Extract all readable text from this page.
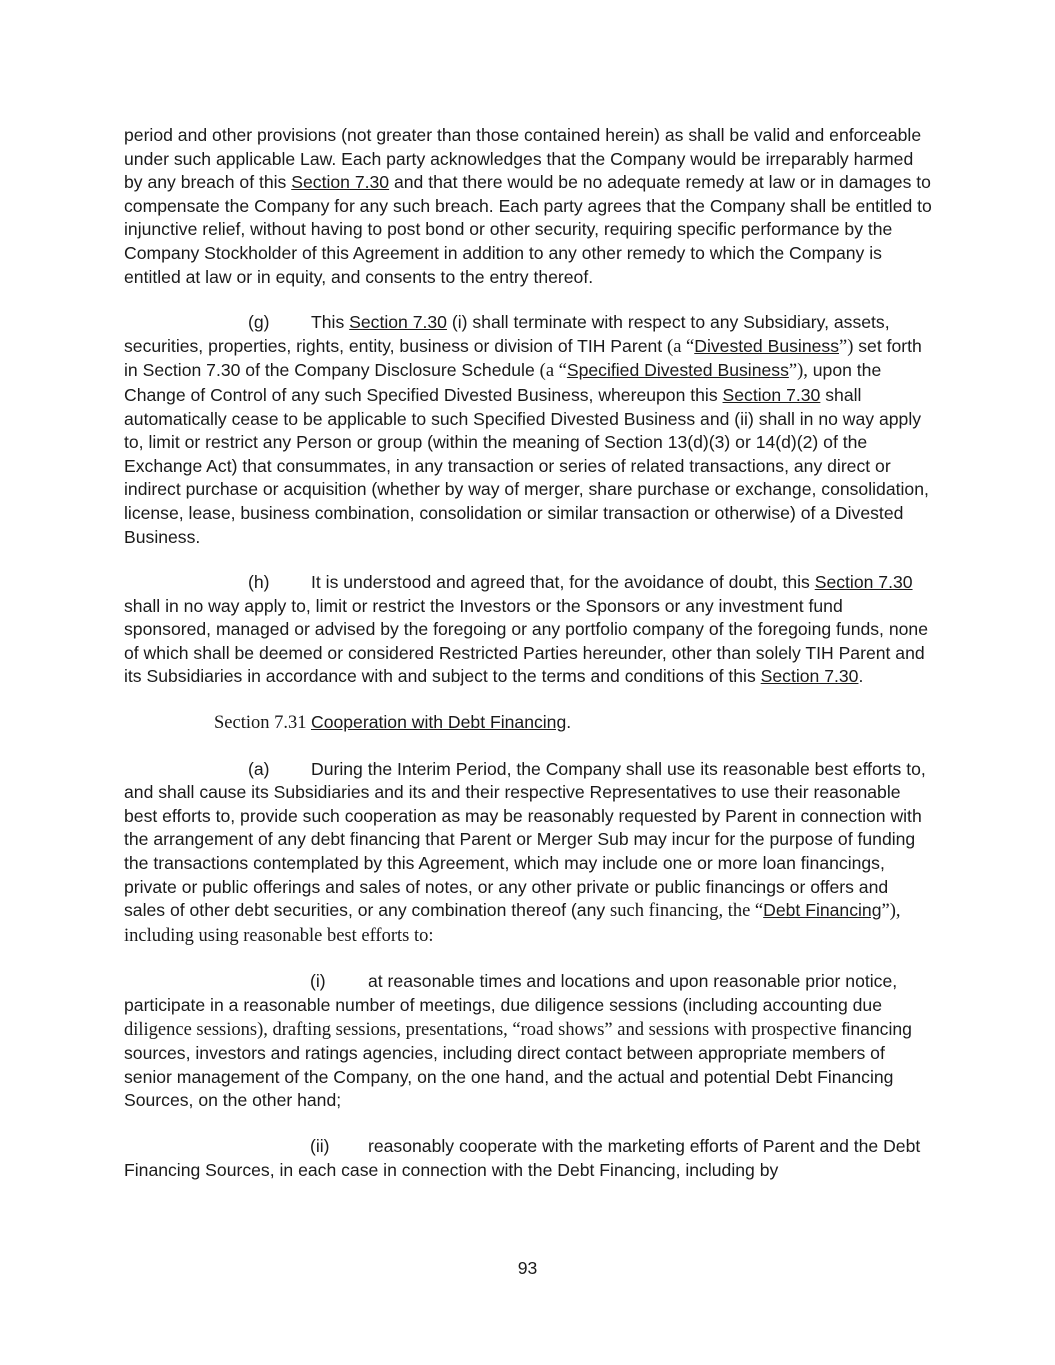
period and other provisions (not greater than those contained herein) as shall be valid and enforceable under such applicable Law. Each party acknowledges that the Company would be irreparably harmed by any breach of this Section 7.30 and that there would be no adequate remedy at law or in damages to compensate the Company for any such breach. Each party agrees that the Company shall be entitled to injunctive relief, without having to post bond or other security, requiring specific performance by the Company Stockholder of this Agreement in addition to any other remedy to which the Company is entitled at law or in equity, and consents to the entry thereof.

(g) This Section 7.30 (i) shall terminate with respect to any Subsidiary, assets, securities, properties, rights, entity, business or division of TIH Parent (a “Divested Business”) set forth in Section 7.30 of the Company Disclosure Schedule (a “Specified Divested Business”), upon the Change of Control of any such Specified Divested Business, whereupon this Section 7.30 shall automatically cease to be applicable to such Specified Divested Business and (ii) shall in no way apply to, limit or restrict any Person or group (within the meaning of Section 13(d)(3) or 14(d)(2) of the Exchange Act) that consummates, in any transaction or series of related transactions, any direct or indirect purchase or acquisition (whether by way of merger, share purchase or exchange, consolidation, license, lease, business combination, consolidation or similar transaction or otherwise) of a Divested Business.

(h) It is understood and agreed that, for the avoidance of doubt, this Section 7.30 shall in no way apply to, limit or restrict the Investors or the Sponsors or any investment fund sponsored, managed or advised by the foregoing or any portfolio company of the foregoing funds, none of which shall be deemed or considered Restricted Parties hereunder, other than solely TIH Parent and its Subsidiaries in accordance with and subject to the terms and conditions of this Section 7.30.

Section 7.31 Cooperation with Debt Financing.

(a) During the Interim Period, the Company shall use its reasonable best efforts to, and shall cause its Subsidiaries and its and their respective Representatives to use their reasonable best efforts to, provide such cooperation as may be reasonably requested by Parent in connection with the arrangement of any debt financing that Parent or Merger Sub may incur for the purpose of funding the transactions contemplated by this Agreement, which may include one or more loan financings, private or public offerings and sales of notes, or any other private or public financings or offers and sales of other debt securities, or any combination thereof (any such financing, the “Debt Financing”), including using reasonable best efforts to:

(i) at reasonable times and locations and upon reasonable prior notice, participate in a reasonable number of meetings, due diligence sessions (including accounting due diligence sessions), drafting sessions, presentations, “road shows” and sessions with prospective financing sources, investors and ratings agencies, including direct contact between appropriate members of senior management of the Company, on the one hand, and the actual and potential Debt Financing Sources, on the other hand;

(ii) reasonably cooperate with the marketing efforts of Parent and the Debt Financing Sources, in each case in connection with the Debt Financing, including by

93
